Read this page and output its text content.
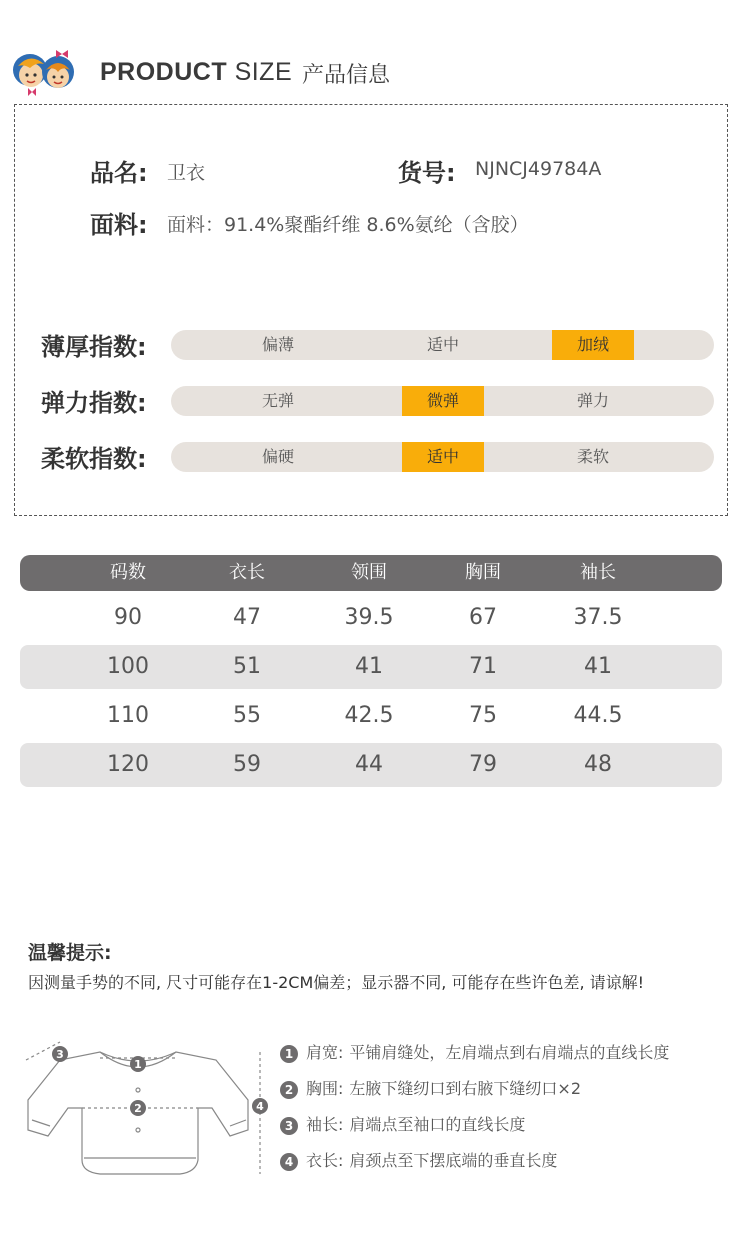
PRODUCT SIZE 产品信息
品名: 卫衣	货号: NJNCJ49784A
面料: 面料：91.4%聚酯纤维 8.6%氨纶（含胶）
薄厚指数:	偏薄	适中	加绒
弹力指数:	无弹	微弹	弹力
柔软指数:	偏硬	适中	柔软
码数	衣长	领围	胸围	袖长
90	47	39.5	67	37.5
100	51	41	71	41
110	55	42.5	75	44.5
120	59	44	79	48
温馨提示:
因测量手势的不同, 尺寸可能存在1-2CM偏差；显示器不同, 可能存在些许色差, 请谅解!
1
2
3
4
1 肩宽: 平铺肩缝处，左肩端点到右肩端点的直线长度
2 胸围: 左腋下缝纫口到右腋下缝纫口×2
3 袖长: 肩端点至袖口的直线长度
4 衣长: 肩颈点至下摆底端的垂直长度
